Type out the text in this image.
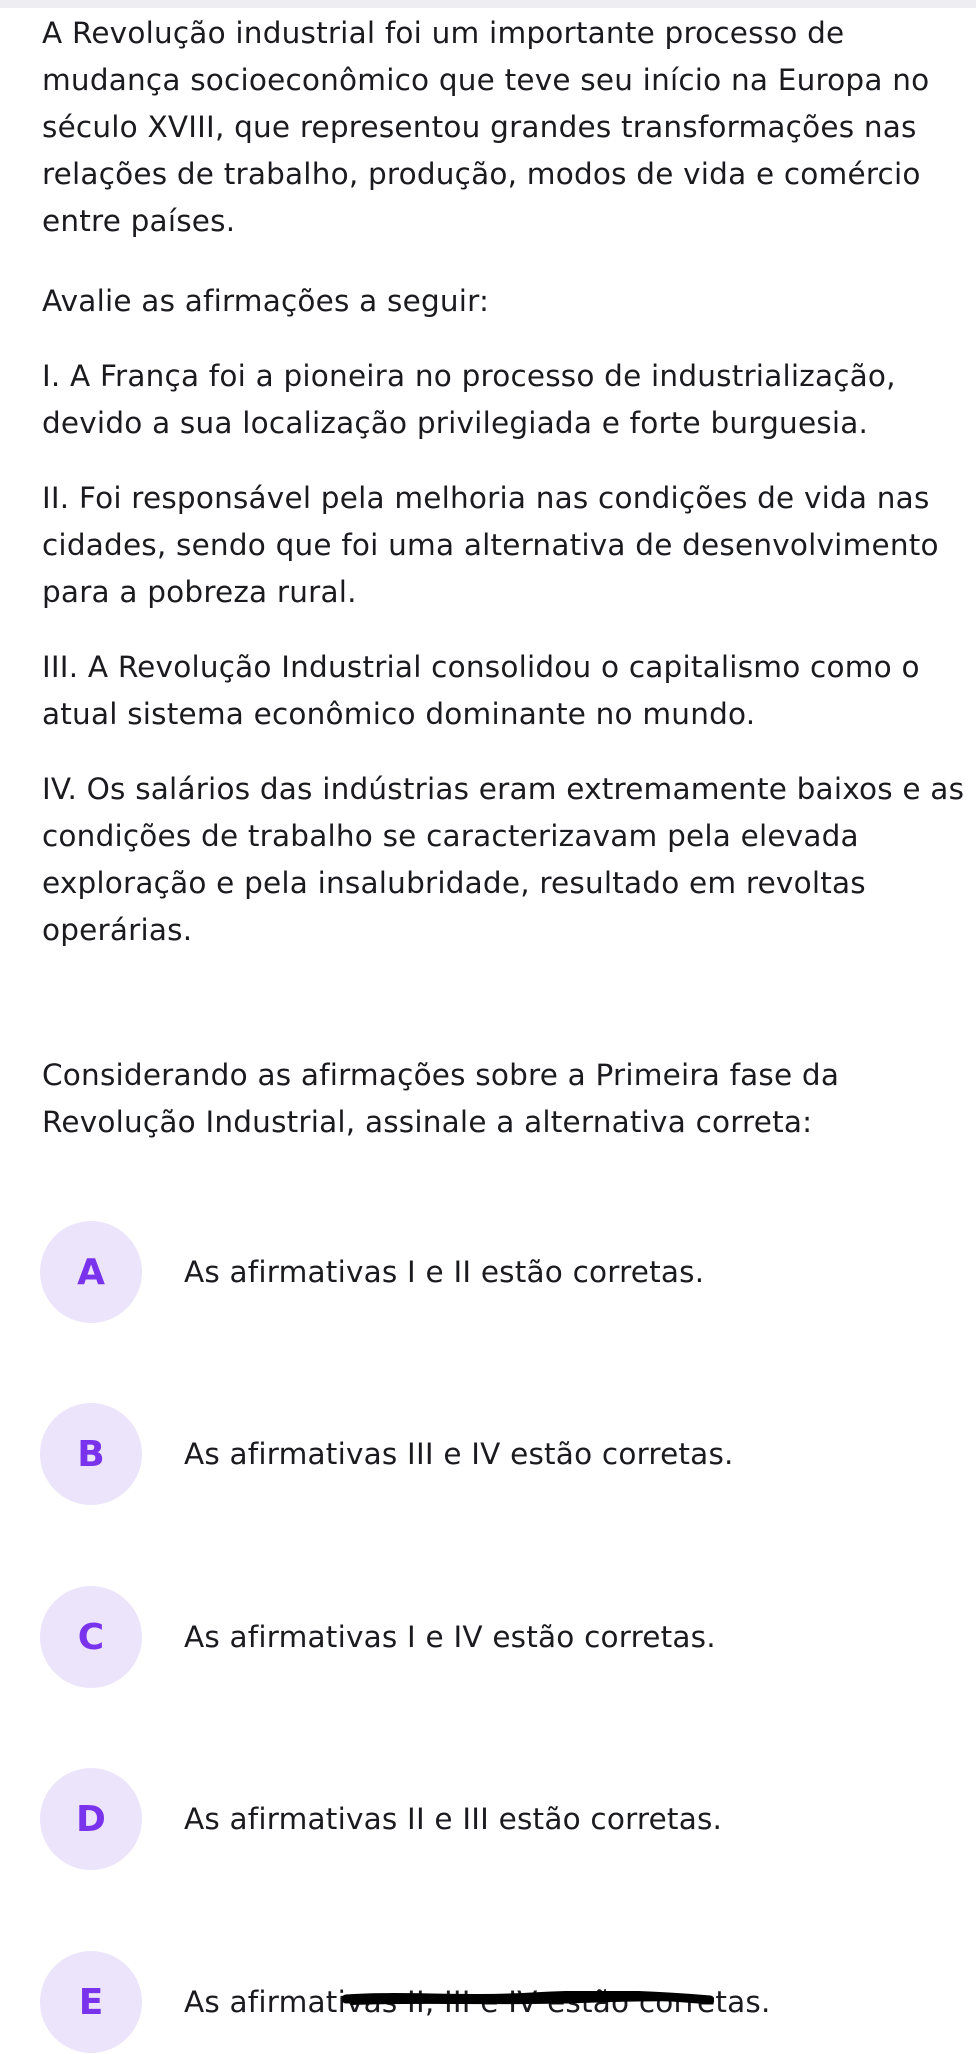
A Revolução industrial foi um importante processo de

mudança socioeconômico que teve seu início na Europa no

século XVIII, que representou grandes transformações nas

relações de trabalho, produção, modos de vida e comércio

entre países.

Avalie as afirmações a seguir:

I. A França foi a pioneira no processo de industrialização,

devido a sua localização privilegiada e forte burguesia.

II. Foi responsável pela melhoria nas condições de vida nas

cidades, sendo que foi uma alternativa de desenvolvimento

para a pobreza rural.

III. A Revolução Industrial consolidou o capitalismo como o

atual sistema econômico dominante no mundo.

IV. Os salários das indústrias eram extremamente baixos e as

condições de trabalho se caracterizavam pela elevada

exploração e pela insalubridade, resultado em revoltas

operárias.

Considerando as afirmações sobre a Primeira fase da

Revolução Industrial, assinale a alternativa correta:

A	As afirmativas I e II estão corretas.
B	As afirmativas III e IV estão corretas.
C	As afirmativas I e IV estão corretas.
D	As afirmativas II e III estão corretas.
E	As afirmativas II, III e IV estão corretas.
